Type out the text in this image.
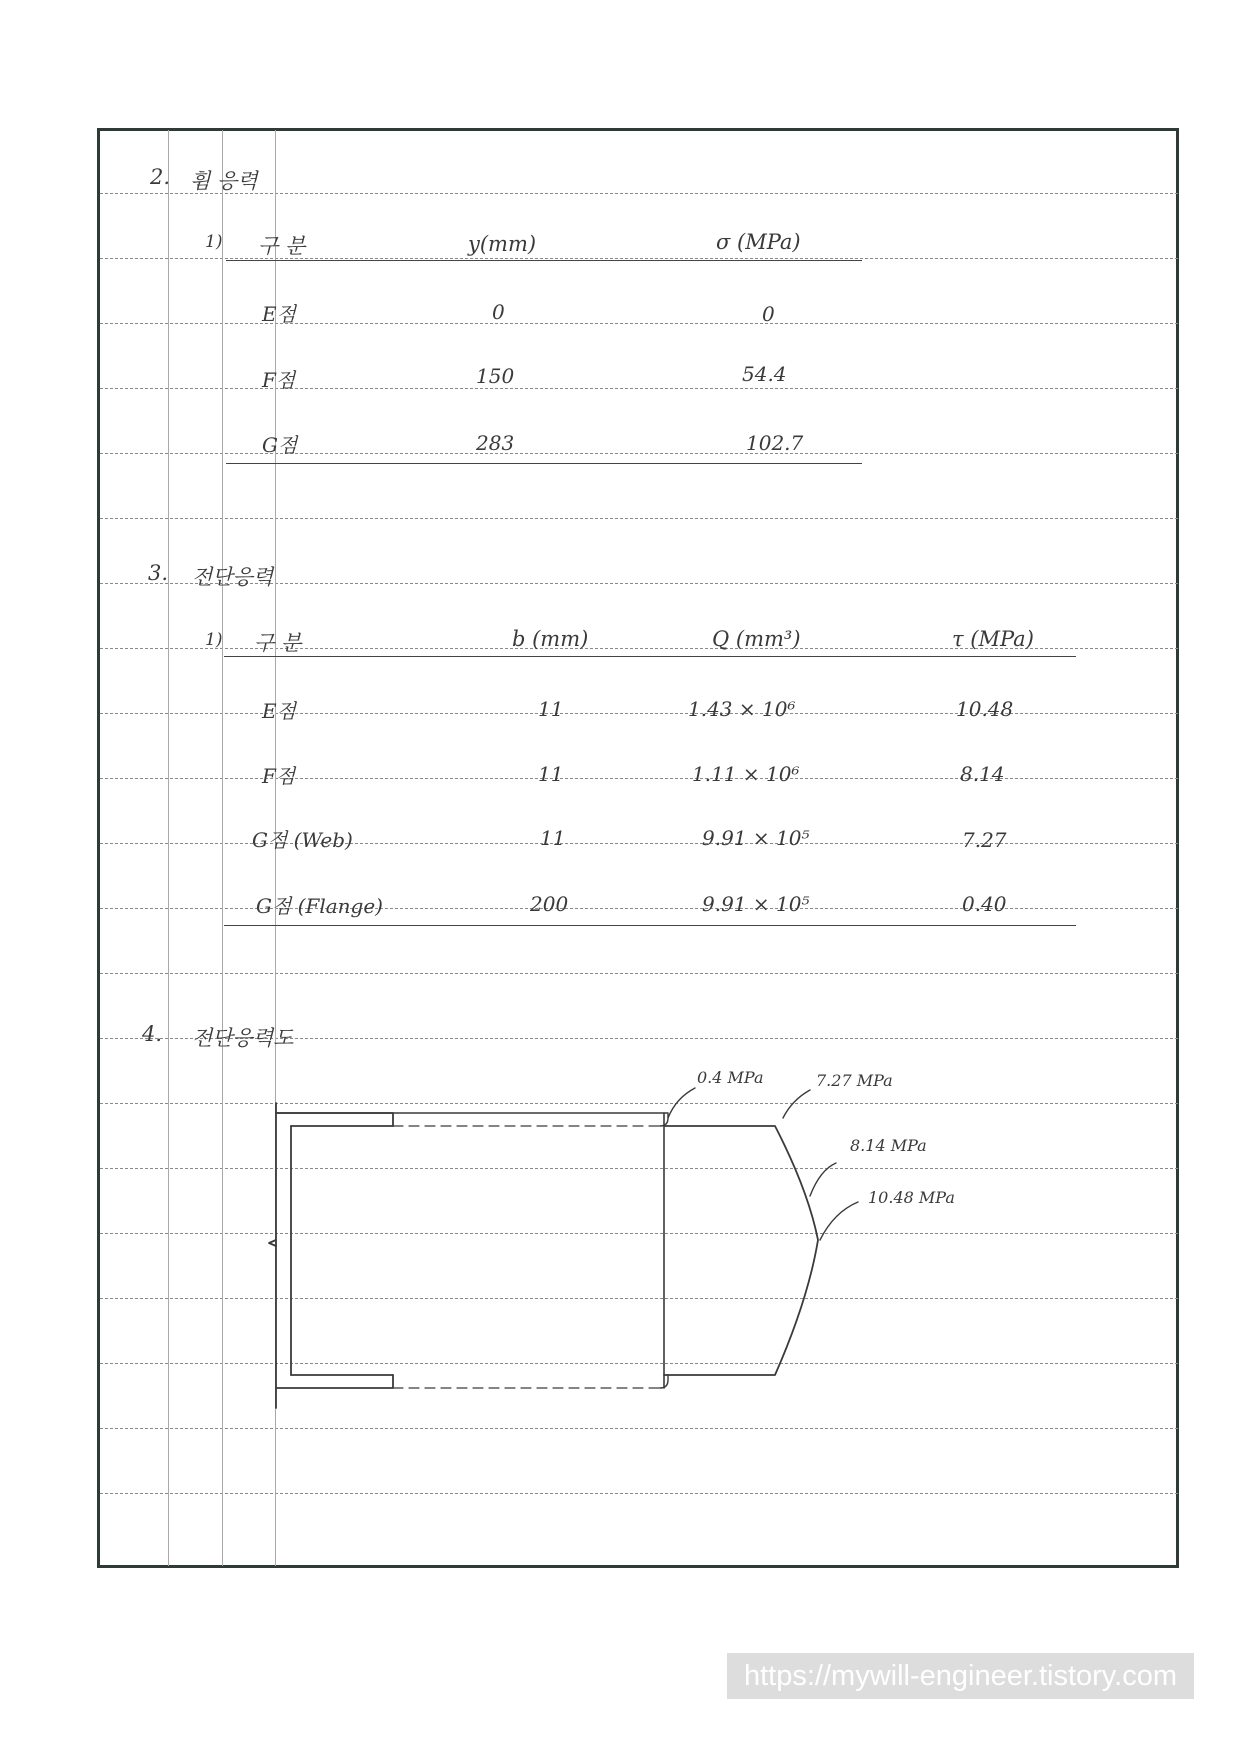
2. 휨 응력
1) 구 분	y(mm)	σ (MPa)
E점	0	0
F점	150	54.4
G점	283	102.7
3. 전단응력
1) 구 분	b (mm)	Q (mm³)	τ (MPa)
E점	11	1.43 × 10⁶	10.48
F점	11	1.11 × 10⁶	8.14
G점 (Web)	11	9.91 × 10⁵	7.27
G점 (Flange)	200	9.91 × 10⁵	0.40
4. 전단응력도
0.4 MPa	7.27 MPa
8.14 MPa
10.48 MPa
https://mywill-engineer.tistory.com
